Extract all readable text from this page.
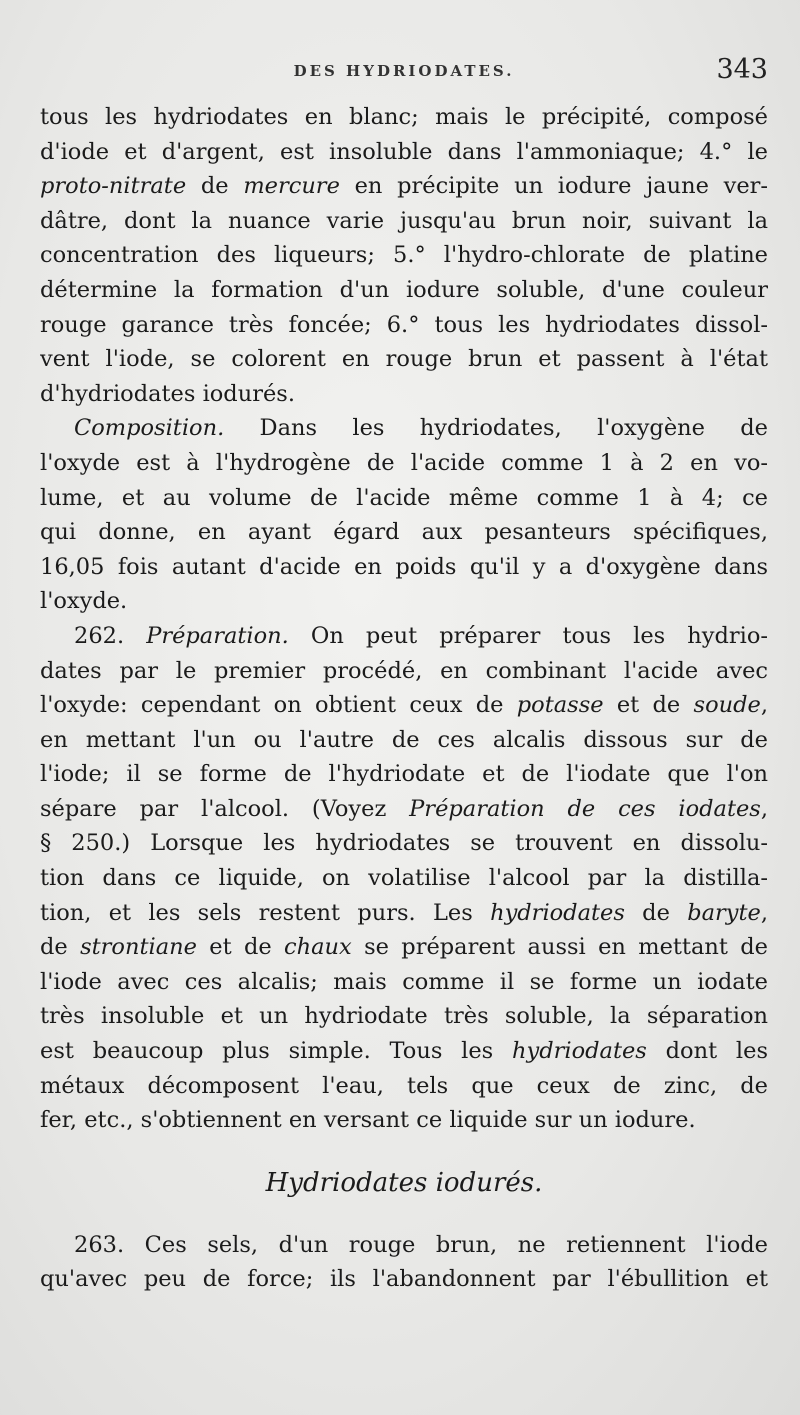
DES HYDRIODATES.	343
tous les hydriodates en blanc; mais le précipité, composé
d'iode et d'argent, est insoluble dans l'ammoniaque; 4.° le
proto-nitrate de mercure en précipite un iodure jaune ver-
dâtre, dont la nuance varie jusqu'au brun noir, suivant la
concentration des liqueurs; 5.° l'hydro-chlorate de platine
détermine la formation d'un iodure soluble, d'une couleur
rouge garance très foncée; 6.° tous les hydriodates dissol-
vent l'iode, se colorent en rouge brun et passent à l'état
d'hydriodates iodurés.
Composition. Dans les hydriodates, l'oxygène de
l'oxyde est à l'hydrogène de l'acide comme 1 à 2 en vo-
lume, et au volume de l'acide même comme 1 à 4; ce
qui donne, en ayant égard aux pesanteurs spécifiques,
16,05 fois autant d'acide en poids qu'il y a d'oxygène dans
l'oxyde.
262. Préparation. On peut préparer tous les hydrio-
dates par le premier procédé, en combinant l'acide avec
l'oxyde: cependant on obtient ceux de potasse et de soude,
en mettant l'un ou l'autre de ces alcalis dissous sur de
l'iode; il se forme de l'hydriodate et de l'iodate que l'on
sépare par l'alcool. (Voyez Préparation de ces iodates,
§ 250.) Lorsque les hydriodates se trouvent en dissolu-
tion dans ce liquide, on volatilise l'alcool par la distilla-
tion, et les sels restent purs. Les hydriodates de baryte,
de strontiane et de chaux se préparent aussi en mettant de
l'iode avec ces alcalis; mais comme il se forme un iodate
très insoluble et un hydriodate très soluble, la séparation
est beaucoup plus simple. Tous les hydriodates dont les
métaux décomposent l'eau, tels que ceux de zinc, de
fer, etc., s'obtiennent en versant ce liquide sur un iodure.
Hydriodates iodurés.
263. Ces sels, d'un rouge brun, ne retiennent l'iode
qu'avec peu de force; ils l'abandonnent par l'ébullition et
